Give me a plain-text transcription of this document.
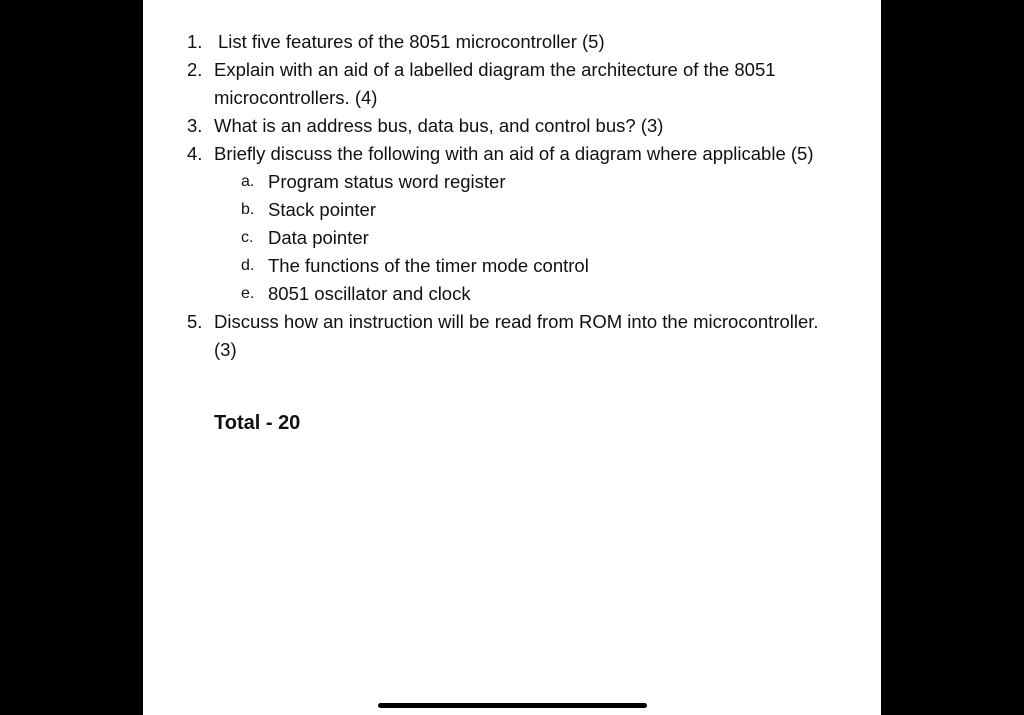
1. List five features of the 8051 microcontroller (5)
2. Explain with an aid of a labelled diagram the architecture of the 8051
microcontrollers. (4)
3. What is an address bus, data bus, and control bus? (3)
4. Briefly discuss the following with an aid of a diagram where applicable (5)
a. Program status word register
b. Stack pointer
c. Data pointer
d. The functions of the timer mode control
e. 8051 oscillator and clock
5. Discuss how an instruction will be read from ROM into the microcontroller.
(3)
Total - 20
